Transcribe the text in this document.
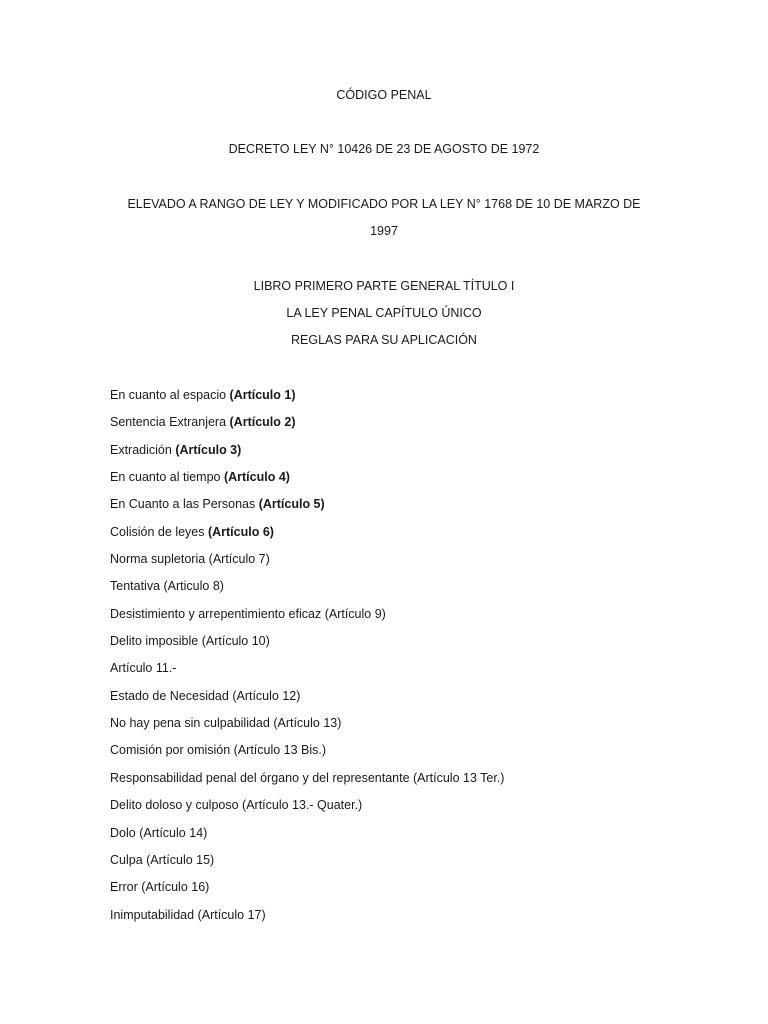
CÓDIGO PENAL
DECRETO LEY N° 10426 DE 23 DE AGOSTO DE 1972
ELEVADO A RANGO DE LEY Y MODIFICADO POR LA LEY N° 1768 DE 10 DE MARZO DE
1997
LIBRO PRIMERO PARTE GENERAL TÍTULO I
LA LEY PENAL CAPÍTULO ÚNICO
REGLAS PARA SU APLICACIÓN
En cuanto al espacio (Artículo 1)
Sentencia Extranjera (Artículo 2)
Extradición (Artículo 3)
En cuanto al tiempo (Artículo 4)
En Cuanto a las Personas (Artículo 5)
Colisión de leyes (Artículo 6)
Norma supletoria (Artículo 7)
Tentativa (Articulo 8)
Desistimiento y arrepentimiento eficaz (Artículo 9)
Delito imposible (Artículo 10)
Artículo 11.-
Estado de Necesidad (Artículo 12)
No hay pena sin culpabilidad (Artículo 13)
Comisión por omisión (Artículo 13 Bis.)
Responsabilidad penal del órgano y del representante (Artículo 13 Ter.)
Delito doloso y culposo (Artículo 13.- Quater.)
Dolo (Artículo 14)
Culpa (Artículo 15)
Error (Artículo 16)
Inimputabilidad (Artículo 17)
